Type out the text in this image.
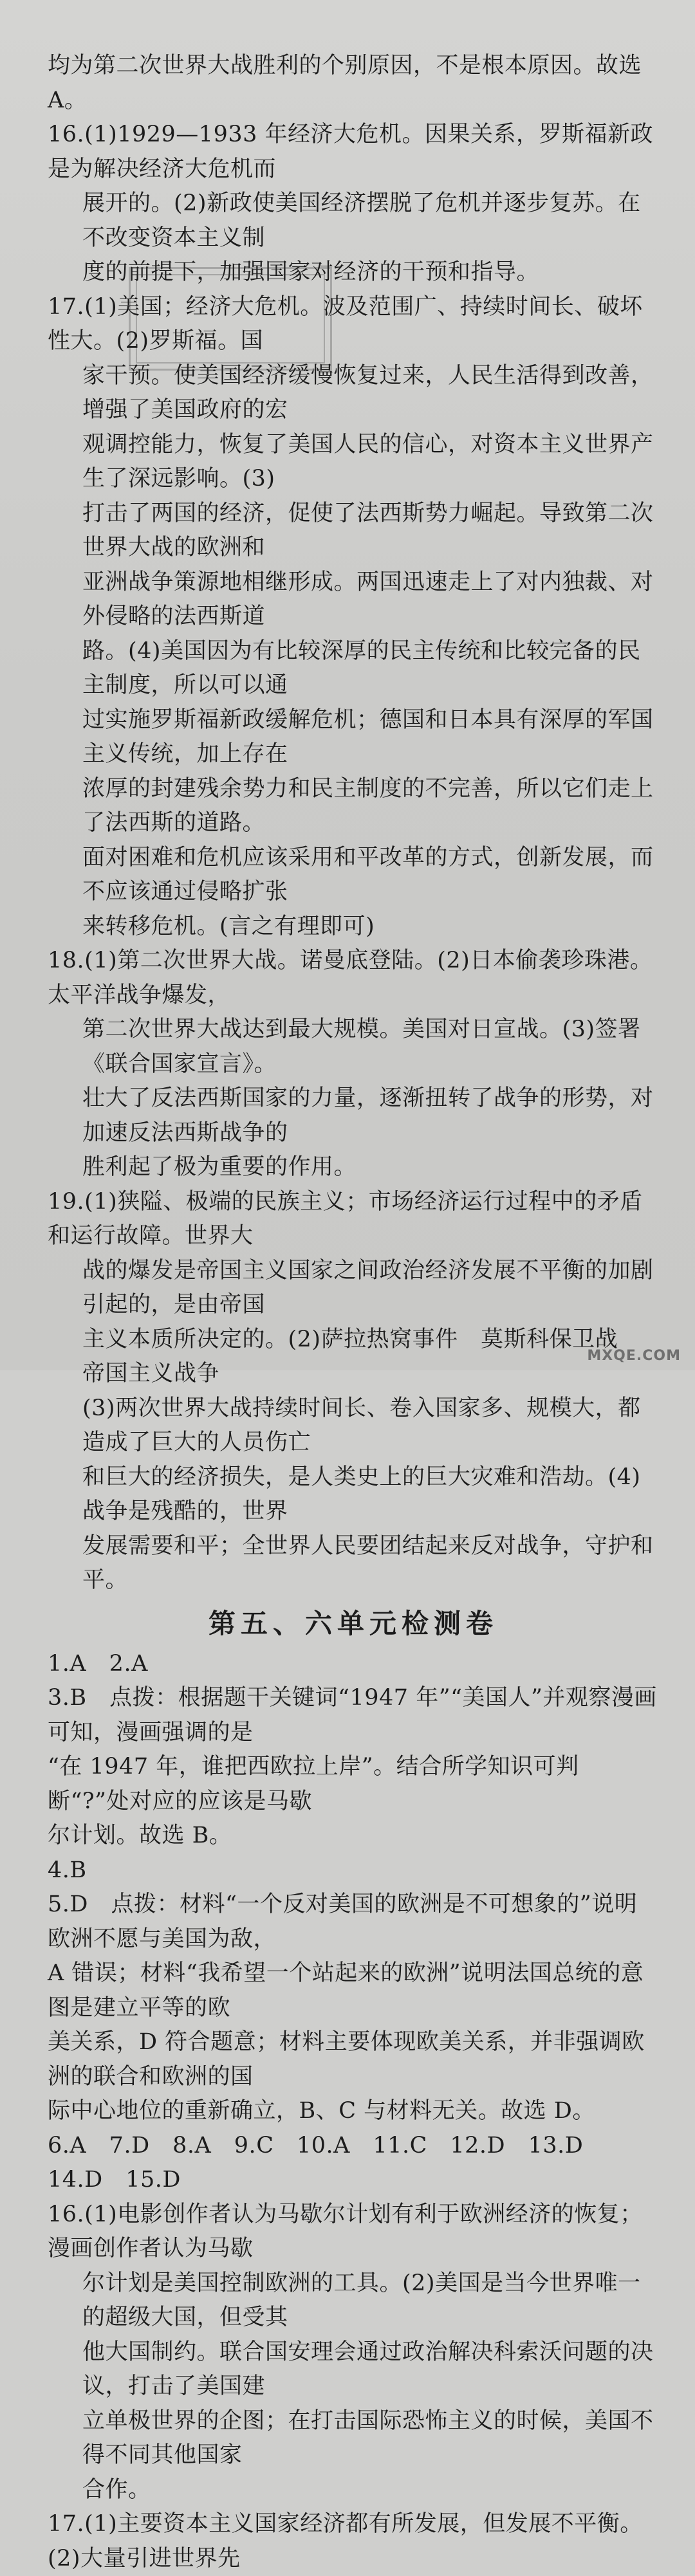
均为第二次世界大战胜利的个别原因，不是根本原因。故选 A。

16.(1)1929—1933 年经济大危机。因果关系，罗斯福新政是为解决经济大危机而

展开的。(2)新政使美国经济摆脱了危机并逐步复苏。在不改变资本主义制

度的前提下，加强国家对经济的干预和指导。

17.(1)美国；经济大危机。波及范围广、持续时间长、破坏性大。(2)罗斯福。国

家干预。使美国经济缓慢恢复过来，人民生活得到改善，增强了美国政府的宏

观调控能力，恢复了美国人民的信心，对资本主义世界产生了深远影响。(3)

打击了两国的经济，促使了法西斯势力崛起。导致第二次世界大战的欧洲和

亚洲战争策源地相继形成。两国迅速走上了对内独裁、对外侵略的法西斯道

路。(4)美国因为有比较深厚的民主传统和比较完备的民主制度，所以可以通

过实施罗斯福新政缓解危机；德国和日本具有深厚的军国主义传统，加上存在

浓厚的封建残余势力和民主制度的不完善，所以它们走上了法西斯的道路。

面对困难和危机应该采用和平改革的方式，创新发展，而不应该通过侵略扩张

来转移危机。(言之有理即可)

18.(1)第二次世界大战。诺曼底登陆。(2)日本偷袭珍珠港。太平洋战争爆发，

第二次世界大战达到最大规模。美国对日宣战。(3)签署《联合国家宣言》。

壮大了反法西斯国家的力量，逐渐扭转了战争的形势，对加速反法西斯战争的

胜利起了极为重要的作用。

19.(1)狭隘、极端的民族主义；市场经济运行过程中的矛盾和运行故障。世界大

战的爆发是帝国主义国家之间政治经济发展不平衡的加剧引起的，是由帝国

主义本质所决定的。(2)萨拉热窝事件　莫斯科保卫战　帝国主义战争

(3)两次世界大战持续时间长、卷入国家多、规模大，都造成了巨大的人员伤亡

和巨大的经济损失，是人类史上的巨大灾难和浩劫。(4)战争是残酷的，世界

发展需要和平；全世界人民要团结起来反对战争，守护和平。

第五、六单元检测卷

1.A　2.A

3.B　点拨：根据题干关键词“1947 年”“美国人”并观察漫画可知，漫画强调的是

“在 1947 年，谁把西欧拉上岸”。结合所学知识可判断“?”处对应的应该是马歇

尔计划。故选 B。

4.B

5.D　点拨：材料“一个反对美国的欧洲是不可想象的”说明欧洲不愿与美国为敌，

A 错误；材料“我希望一个站起来的欧洲”说明法国总统的意图是建立平等的欧

美关系，D 符合题意；材料主要体现欧美关系，并非强调欧洲的联合和欧洲的国

际中心地位的重新确立，B、C 与材料无关。故选 D。

6.A　7.D　8.A　9.C　10.A　11.C　12.D　13.D　14.D　15.D

16.(1)电影创作者认为马歇尔计划有利于欧洲经济的恢复；漫画创作者认为马歇

尔计划是美国控制欧洲的工具。(2)美国是当今世界唯一的超级大国，但受其

他大国制约。联合国安理会通过政治解决科索沃问题的决议，打击了美国建

立单极世界的企图；在打击国际恐怖主义的时候，美国不得不同其他国家

合作。

17.(1)主要资本主义国家经济都有所发展，但发展不平衡。(2)大量引进世界先

MXQE.COM
